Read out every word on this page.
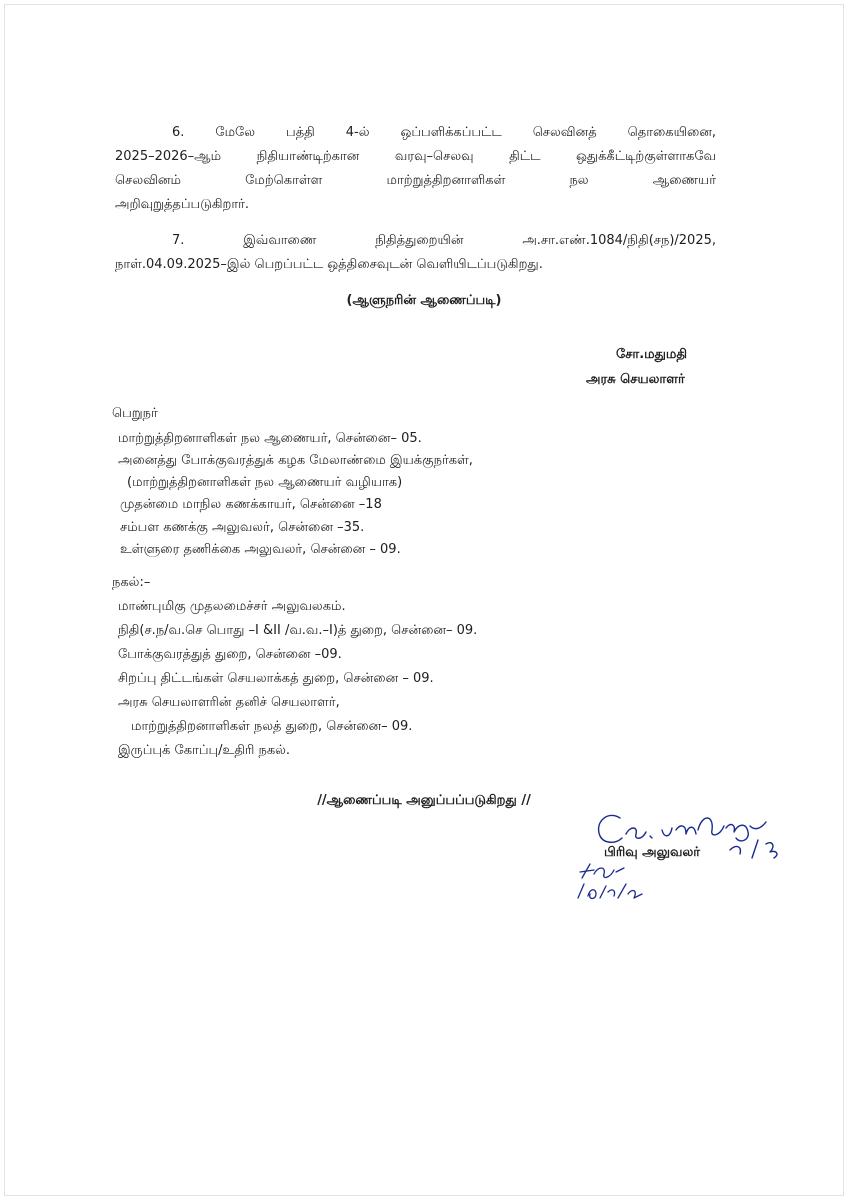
6. மேலே பத்தி 4-ல் ஒப்பளிக்கப்பட்ட செலவினத் தொகையினை,
2025–2026–ஆம் நிதியாண்டிற்கான வரவு–செலவு திட்ட ஒதுக்கீட்டிற்குள்ளாகவே
செலவினம் மேற்கொள்ள மாற்றுத்திறனாளிகள் நல ஆணையர்
அறிவுறுத்தப்படுகிறார்.
7. இவ்வாணை நிதித்துறையின் அ.சா.எண்.1084/நிதி(சந)/2025,
நாள்.04.09.2025–இல் பெறப்பட்ட ஒத்திசைவுடன் வெளியிடப்படுகிறது.
(ஆளுநரின் ஆணைப்படி)
சோ.மதுமதி
அரசு செயலாளர்
பெறுநர்
மாற்றுத்திறனாளிகள் நல ஆணையர், சென்னை– 05.
அனைத்து போக்குவரத்துக் கழக மேலாண்மை இயக்குநர்கள்,
(மாற்றுத்திறனாளிகள் நல ஆணையர் வழியாக)
முதன்மை மாநில கணக்காயர், சென்னை –18
சம்பள கணக்கு அலுவலர், சென்னை –35.
உள்ளுரை தணிக்கை அலுவலர், சென்னை – 09.
நகல்:–
மாண்புமிகு முதலமைச்சர் அலுவலகம்.
நிதி(ச.ந/வ.செ பொது –I &II /வ.வ.–I)த் துறை, சென்னை– 09.
போக்குவரத்துத் துறை, சென்னை –09.
சிறப்பு திட்டங்கள் செயலாக்கத் துறை, சென்னை – 09.
அரசு செயலாளரின் தனிச் செயலாளர்,
மாற்றுத்திறனாளிகள் நலத் துறை, சென்னை– 09.
இருப்புக் கோப்பு/உதிரி நகல்.
//ஆணைப்படி அனுப்பப்படுகிறது //
பிரிவு அலுவலர்
